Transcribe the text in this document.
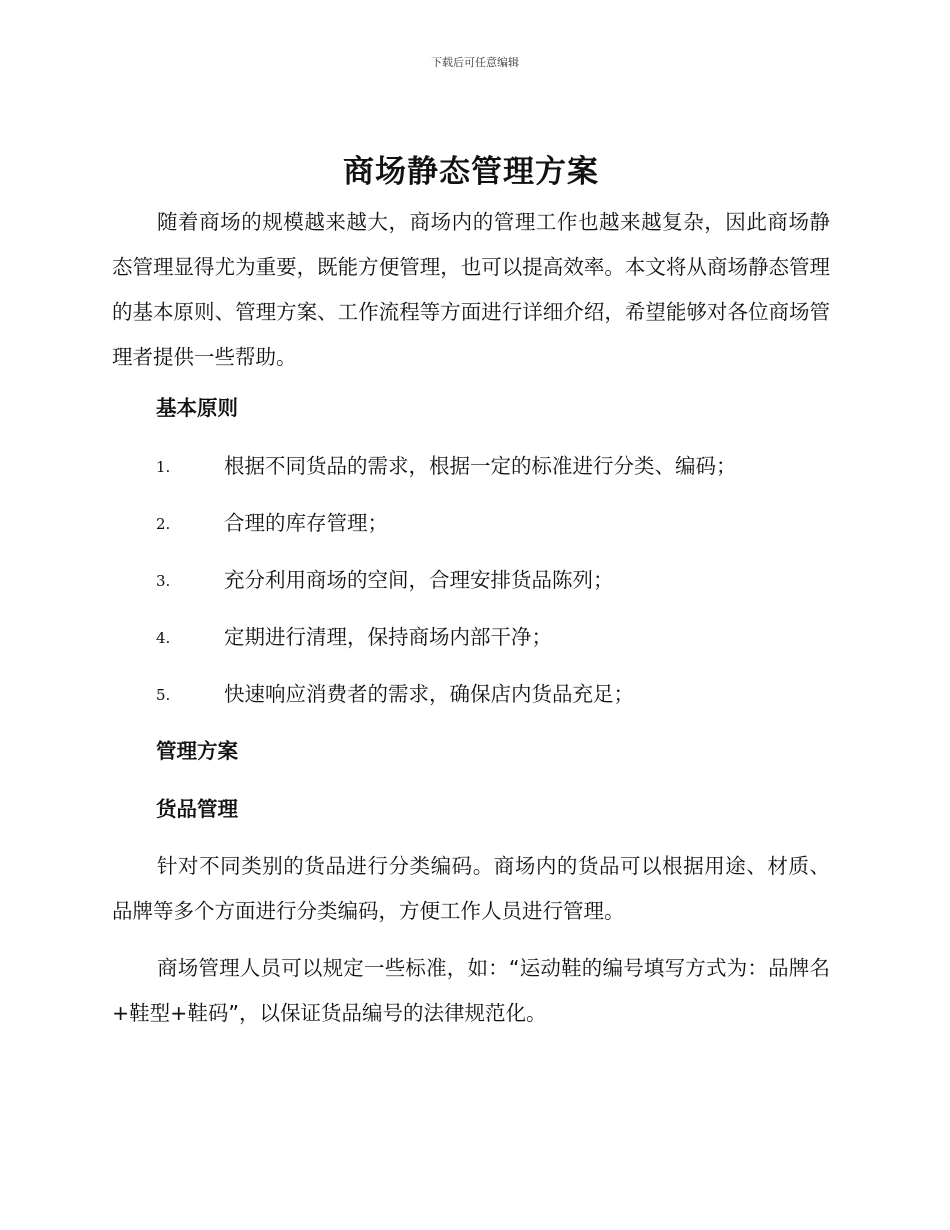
下载后可任意编辑
商场静态管理方案

随着商场的规模越来越大，商场内的管理工作也越来越复杂，因此商场静态管理显得尤为重要，既能方便管理，也可以提高效率。本文将从商场静态管理的基本原则、管理方案、工作流程等方面进行详细介绍，希望能够对各位商场管理者提供一些帮助。

基本原则
1.	根据不同货品的需求，根据一定的标准进行分类、编码；
2.	合理的库存管理；
3.	充分利用商场的空间，合理安排货品陈列；
4.	定期进行清理，保持商场内部干净；
5.	快速响应消费者的需求，确保店内货品充足；
管理方案
货品管理

针对不同类别的货品进行分类编码。商场内的货品可以根据用途、材质、品牌等多个方面进行分类编码，方便工作人员进行管理。

商场管理人员可以规定一些标准，如：“运动鞋的编号填写方式为：品牌名+鞋型+鞋码”，以保证货品编号的法律规范化。
